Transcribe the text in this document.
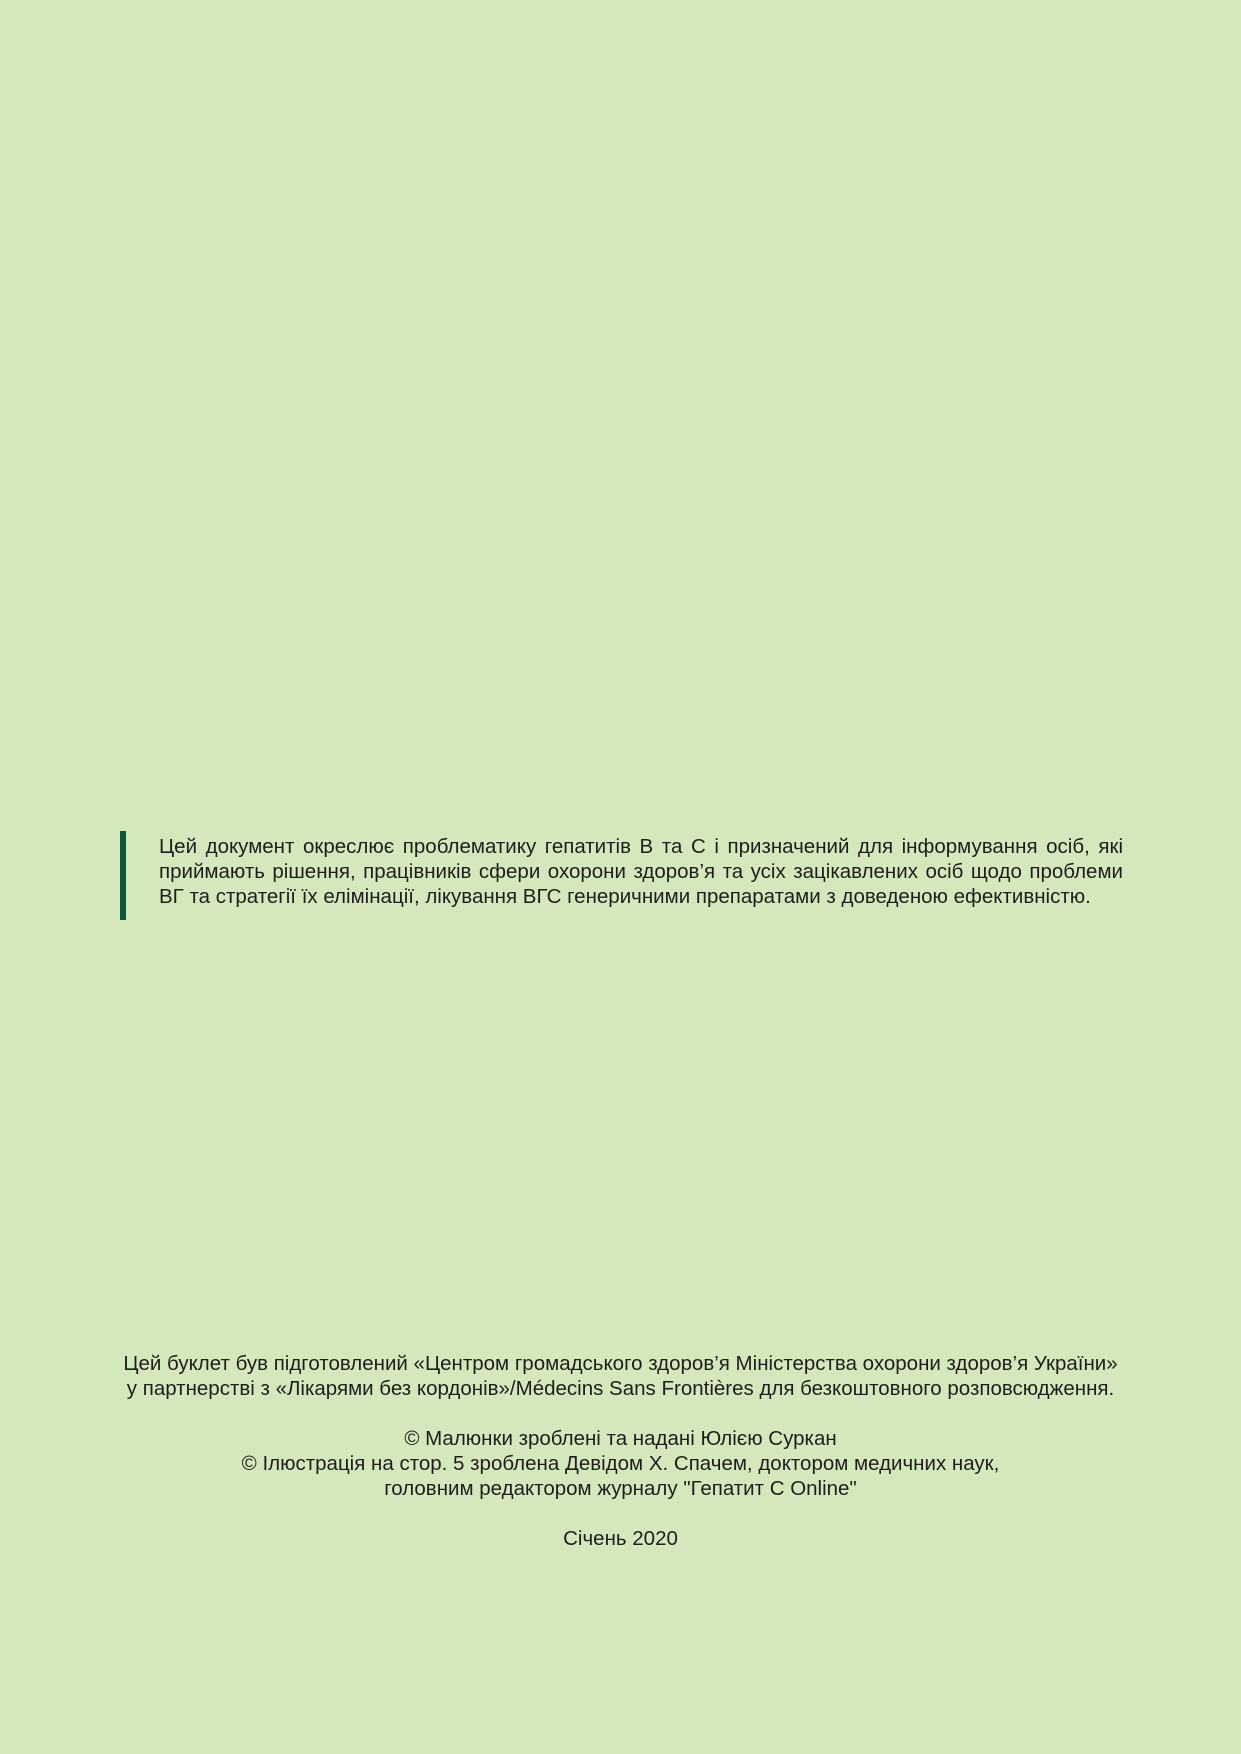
Цей документ окреслює проблематику гепатитів В та С і призначений для інформування осіб, які приймають рішення, працівників сфери охорони здоров’я та усіх зацікавлених осіб щодо проблеми ВГ та стратегії їх елімінації, лікування ВГС генеричними препаратами з доведеною ефективністю.

Цей буклет був підготовлений «Центром громадського здоров’я Міністерства охорони здоров’я України»

у партнерстві з «Лікарями без кордонів»/Médecins Sans Frontières для безкоштовного розповсюдження.

© Малюнки зроблені та надані Юлією Суркан

© Ілюстрація на стор. 5 зроблена Девідом Х. Спачем, доктором медичних наук,

головним редактором журналу "Гепатит С Online"

Січень 2020
